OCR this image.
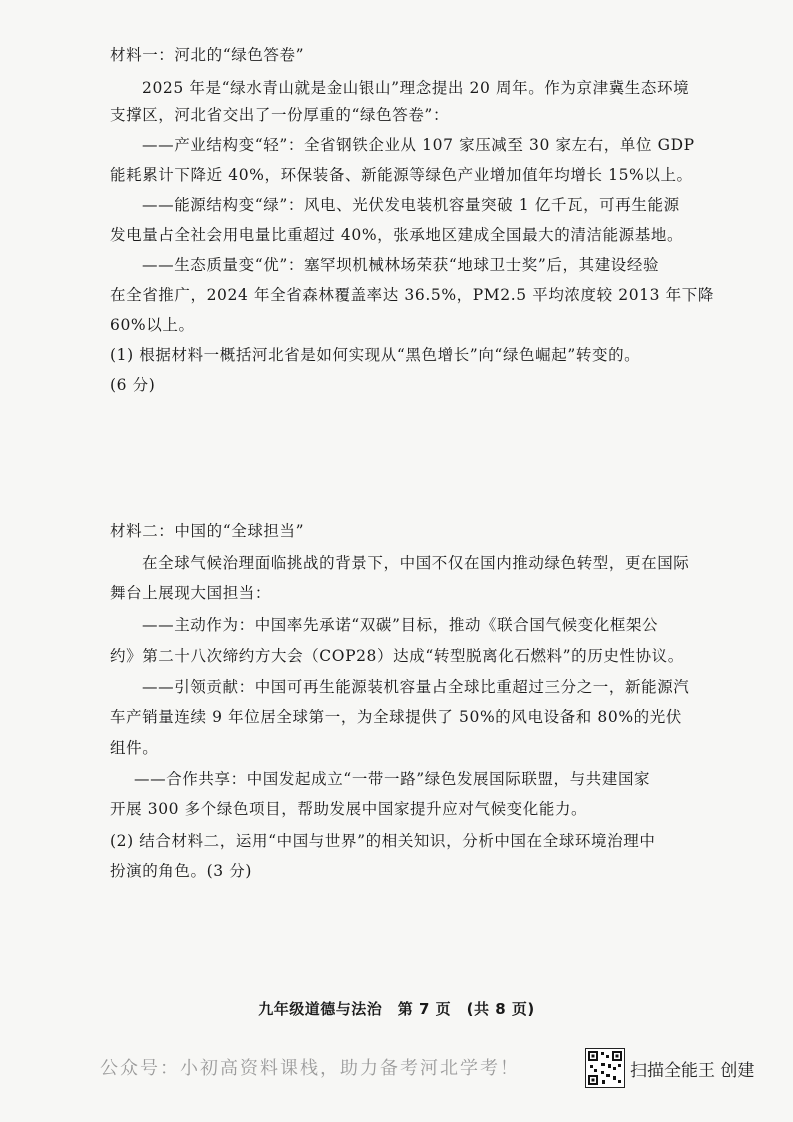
材料一：河北的“绿色答卷”
2025 年是“绿水青山就是金山银山”理念提出 20 周年。作为京津冀生态环境
支撑区，河北省交出了一份厚重的“绿色答卷”：
——产业结构变“轻”：全省钢铁企业从 107 家压减至 30 家左右，单位 GDP
能耗累计下降近 40%，环保装备、新能源等绿色产业增加值年均增长 15%以上。
——能源结构变“绿”：风电、光伏发电装机容量突破 1 亿千瓦，可再生能源
发电量占全社会用电量比重超过 40%，张承地区建成全国最大的清洁能源基地。
——生态质量变“优”：塞罕坝机械林场荣获“地球卫士奖”后，其建设经验
在全省推广，2024 年全省森林覆盖率达 36.5%，PM2.5 平均浓度较 2013 年下降
60%以上。
(1) 根据材料一概括河北省是如何实现从“黑色增长”向“绿色崛起”转变的。
(6 分)
材料二：中国的“全球担当”
在全球气候治理面临挑战的背景下，中国不仅在国内推动绿色转型，更在国际
舞台上展现大国担当：
——主动作为：中国率先承诺“双碳”目标，推动《联合国气候变化框架公
约》第二十八次缔约方大会（COP28）达成“转型脱离化石燃料”的历史性协议。
——引领贡献：中国可再生能源装机容量占全球比重超过三分之一，新能源汽
车产销量连续 9 年位居全球第一，为全球提供了 50%的风电设备和 80%的光伏
组件。
——合作共享：中国发起成立“一带一路”绿色发展国际联盟，与共建国家
开展 300 多个绿色项目，帮助发展中国家提升应对气候变化能力。
(2) 结合材料二，运用“中国与世界”的相关知识，分析中国在全球环境治理中
扮演的角色。(3 分)
九年级道德与法治　第 7 页　(共 8 页)
公众号：小初高资料课栈，助力备考河北学考！	扫描全能王 创建
